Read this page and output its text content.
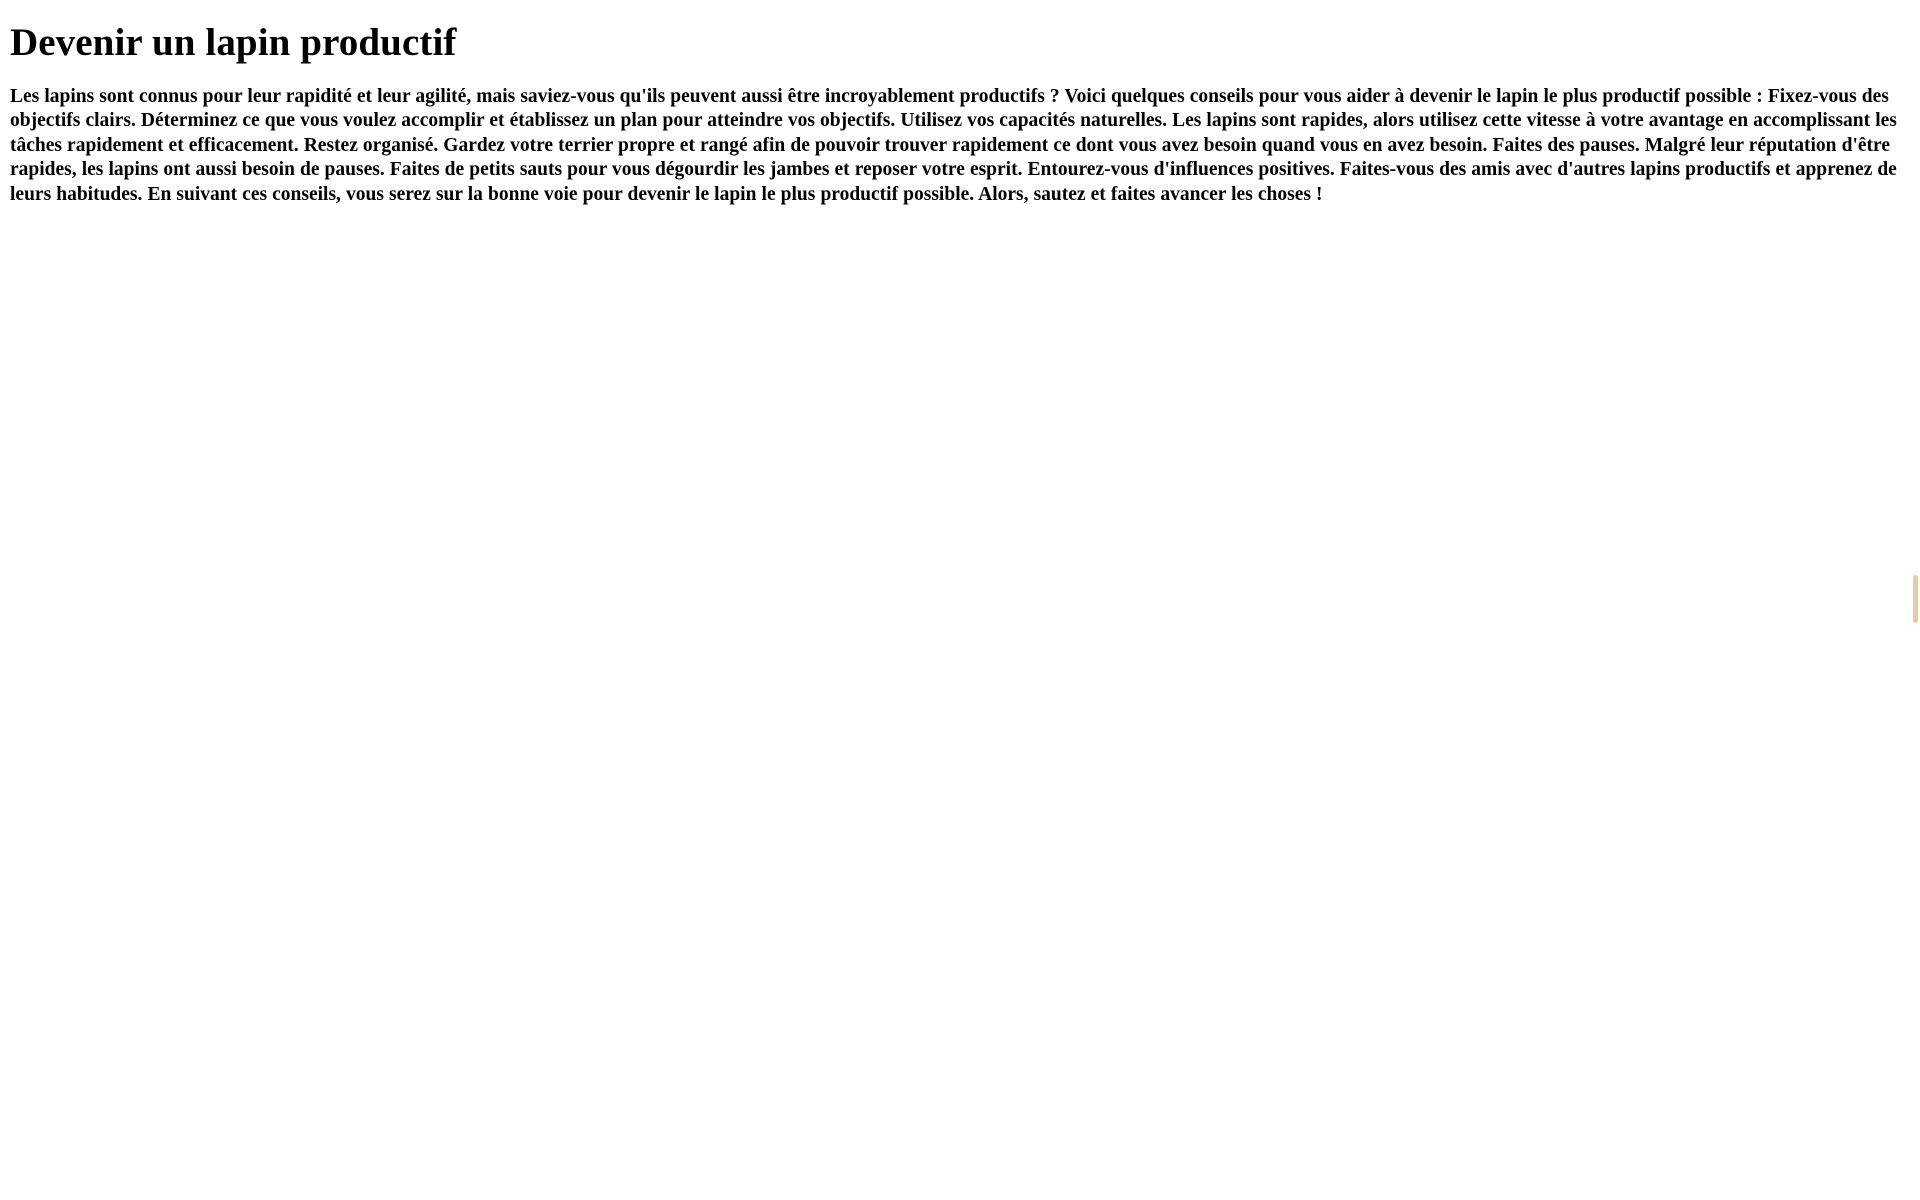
Devenir un lapin productif

Les lapins sont connus pour leur rapidité et leur agilité, mais saviez-vous qu'ils peuvent aussi être incroyablement productifs ? Voici quelques conseils pour vous aider à devenir le lapin le plus productif possible : Fixez-vous des objectifs clairs. Déterminez ce que vous voulez accomplir et établissez un plan pour atteindre vos objectifs. Utilisez vos capacités naturelles. Les lapins sont rapides, alors utilisez cette vitesse à votre avantage en accomplissant les tâches rapidement et efficacement. Restez organisé. Gardez votre terrier propre et rangé afin de pouvoir trouver rapidement ce dont vous avez besoin quand vous en avez besoin. Faites des pauses. Malgré leur réputation d'être rapides, les lapins ont aussi besoin de pauses. Faites de petits sauts pour vous dégourdir les jambes et reposer votre esprit. Entourez-vous d'influences positives. Faites-vous des amis avec d'autres lapins productifs et apprenez de leurs habitudes. En suivant ces conseils, vous serez sur la bonne voie pour devenir le lapin le plus productif possible. Alors, sautez et faites avancer les choses !
